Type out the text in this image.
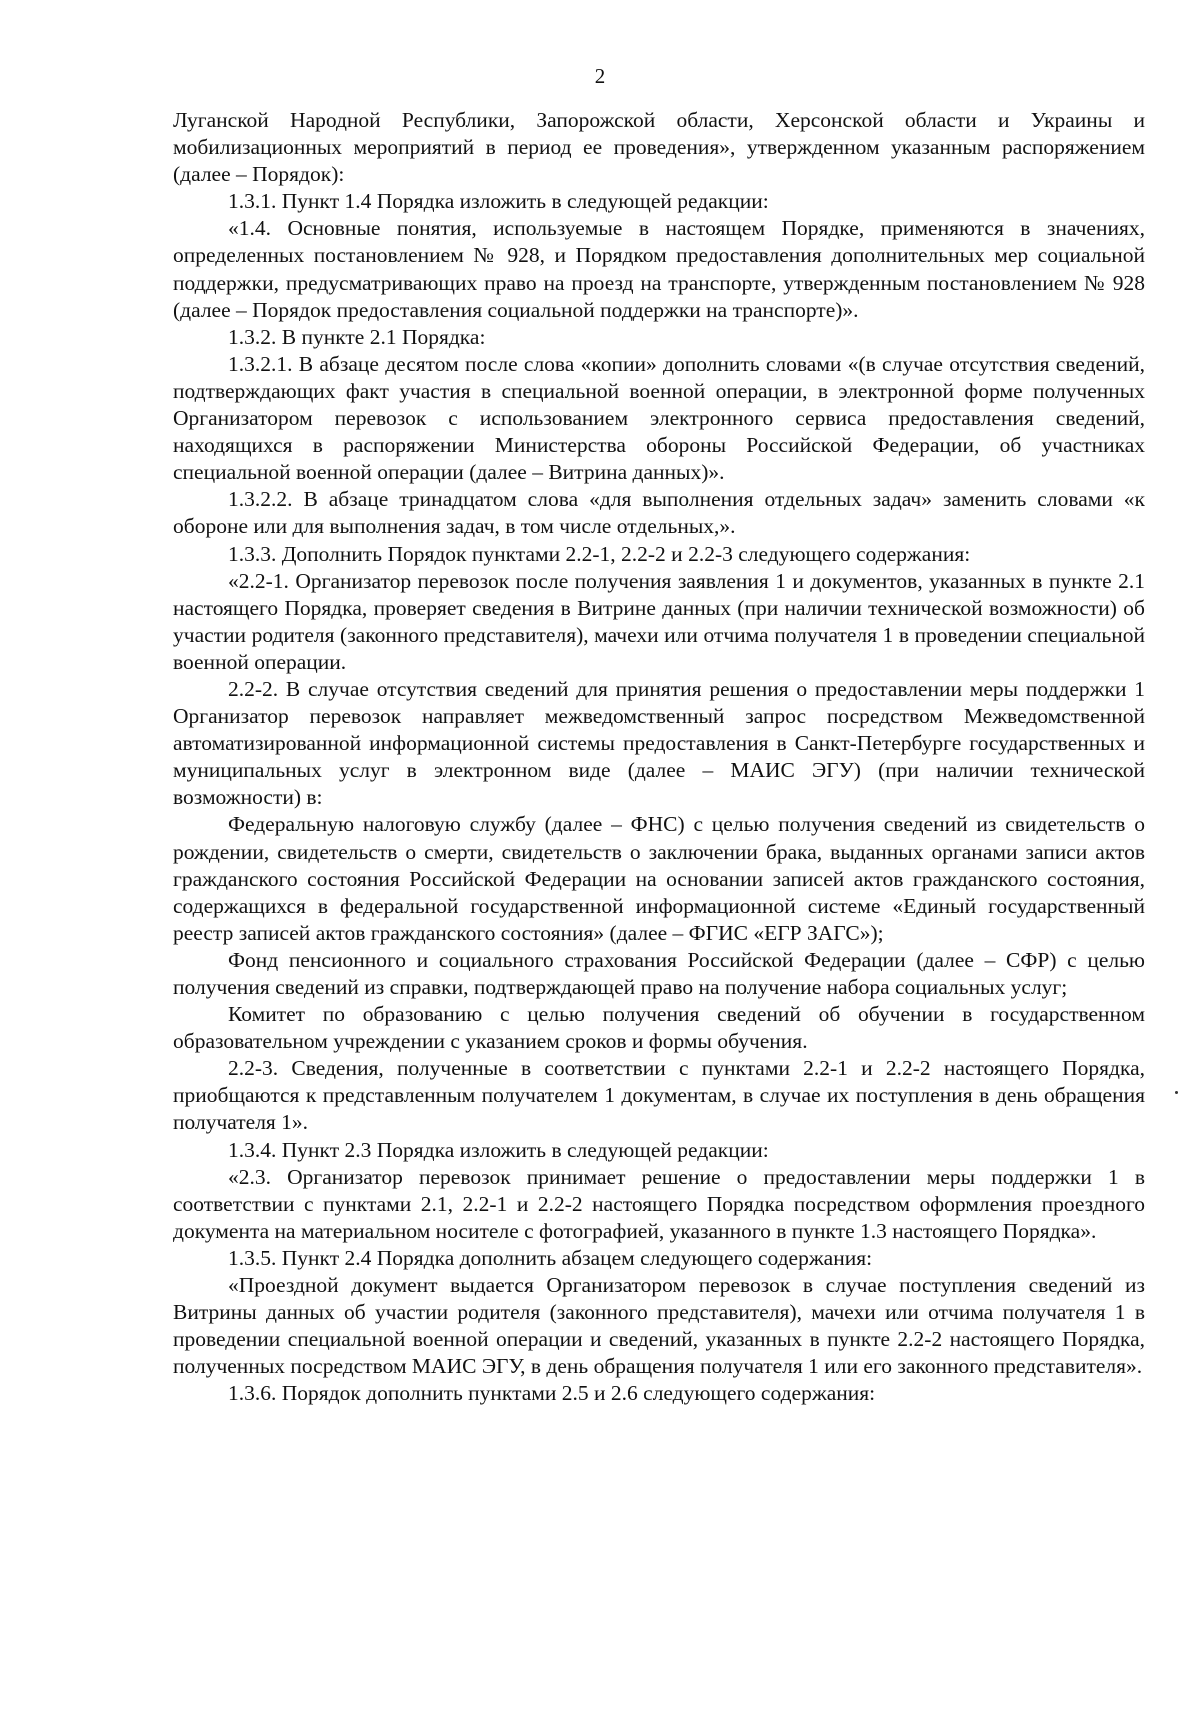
2

Луганской Народной Республики, Запорожской области, Херсонской области и Украины и мобилизационных мероприятий в период ее проведения», утвержденном указанным распоряжением (далее – Порядок):

1.3.1. Пункт 1.4 Порядка изложить в следующей редакции:

«1.4. Основные понятия, используемые в настоящем Порядке, применяются в значениях, определенных постановлением № 928, и Порядком предоставления дополнительных мер социальной поддержки, предусматривающих право на проезд на транспорте, утвержденным постановлением № 928 (далее – Порядок предоставления социальной поддержки на транспорте)».

1.3.2. В пункте 2.1 Порядка:

1.3.2.1. В абзаце десятом после слова «копии» дополнить словами «(в случае отсутствия сведений, подтверждающих факт участия в специальной военной операции, в электронной форме полученных Организатором перевозок с использованием электронного сервиса предоставления сведений, находящихся в распоряжении Министерства обороны Российской Федерации, об участниках специальной военной операции (далее – Витрина данных)».

1.3.2.2. В абзаце тринадцатом слова «для выполнения отдельных задач» заменить словами «к обороне или для выполнения задач, в том числе отдельных,».

1.3.3. Дополнить Порядок пунктами 2.2-1, 2.2-2 и 2.2-3 следующего содержания:

«2.2-1. Организатор перевозок после получения заявления 1 и документов, указанных в пункте 2.1 настоящего Порядка, проверяет сведения в Витрине данных (при наличии технической возможности) об участии родителя (законного представителя), мачехи или отчима получателя 1 в проведении специальной военной операции.

2.2-2. В случае отсутствия сведений для принятия решения о предоставлении меры поддержки 1 Организатор перевозок направляет межведомственный запрос посредством Межведомственной автоматизированной информационной системы предоставления в Санкт-Петербурге государственных и муниципальных услуг в электронном виде (далее – МАИС ЭГУ) (при наличии технической возможности) в:

Федеральную налоговую службу (далее – ФНС) с целью получения сведений из свидетельств о рождении, свидетельств о смерти, свидетельств о заключении брака, выданных органами записи актов гражданского состояния Российской Федерации на основании записей актов гражданского состояния, содержащихся в федеральной государственной информационной системе «Единый государственный реестр записей актов гражданского состояния» (далее – ФГИС «ЕГР ЗАГС»);

Фонд пенсионного и социального страхования Российской Федерации (далее – СФР) с целью получения сведений из справки, подтверждающей право на получение набора социальных услуг;

Комитет по образованию с целью получения сведений об обучении в государственном образовательном учреждении с указанием сроков и формы обучения.

2.2-3. Сведения, полученные в соответствии с пунктами 2.2-1 и 2.2-2 настоящего Порядка, приобщаются к представленным получателем 1 документам, в случае их поступления в день обращения получателя 1».

1.3.4. Пункт 2.3 Порядка изложить в следующей редакции:

«2.3. Организатор перевозок принимает решение о предоставлении меры поддержки 1 в соответствии с пунктами 2.1, 2.2-1 и 2.2-2 настоящего Порядка посредством оформления проездного документа на материальном носителе с фотографией, указанного в пункте 1.3 настоящего Порядка».

1.3.5. Пункт 2.4 Порядка дополнить абзацем следующего содержания:

«Проездной документ выдается Организатором перевозок в случае поступления сведений из Витрины данных об участии родителя (законного представителя), мачехи или отчима получателя 1 в проведении специальной военной операции и сведений, указанных в пункте 2.2-2 настоящего Порядка, полученных посредством МАИС ЭГУ, в день обращения получателя 1 или его законного представителя».

1.3.6. Порядок дополнить пунктами 2.5 и 2.6 следующего содержания:
